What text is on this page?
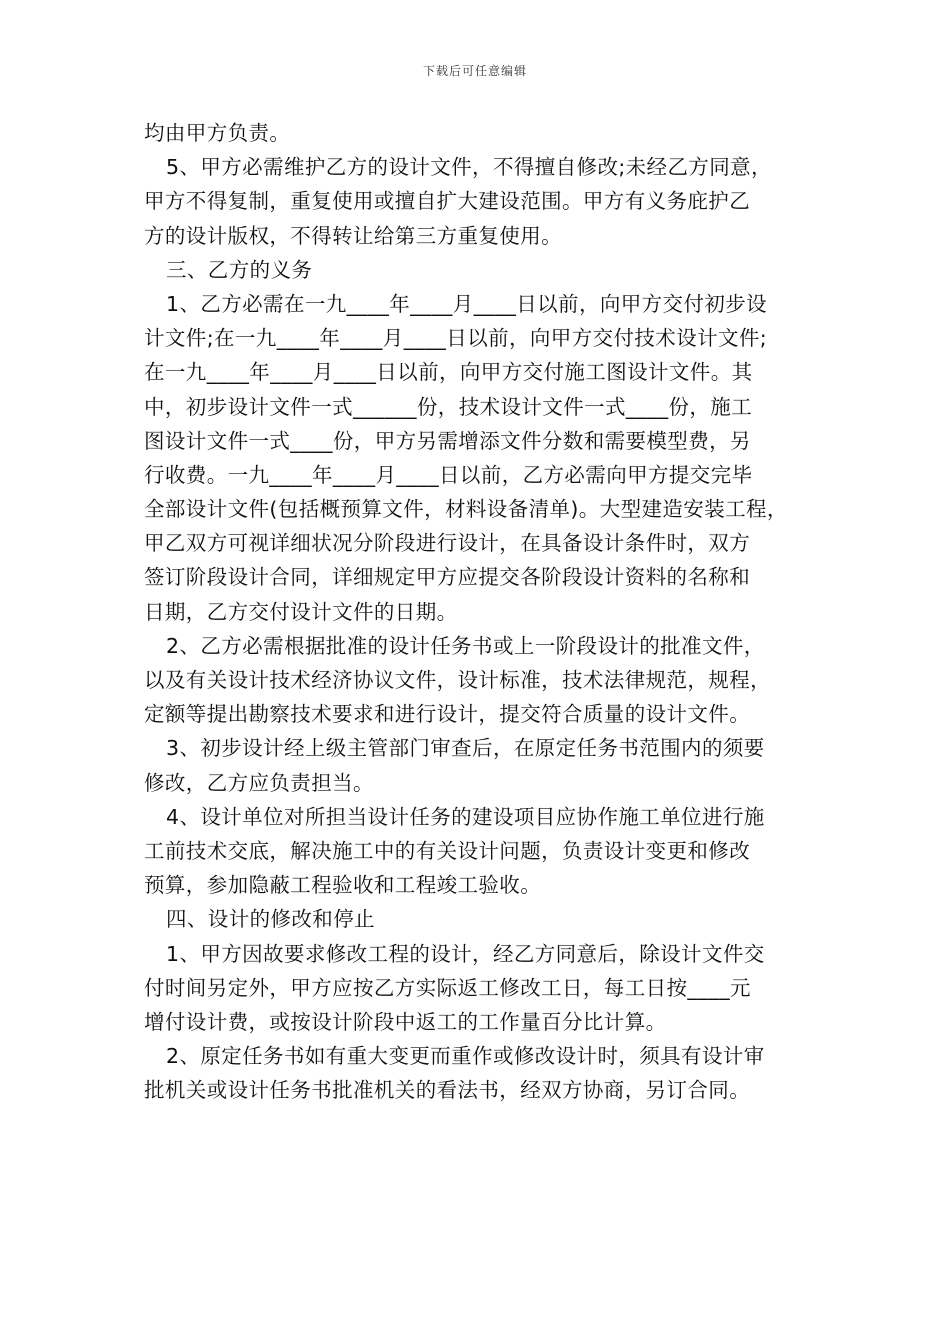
下载后可任意编辑
均由甲方负责。
5、甲方必需维护乙方的设计文件，不得擅自修改;未经乙方同意，
甲方不得复制，重复使用或擅自扩大建设范围。甲方有义务庇护乙
方的设计版权，不得转让给第三方重复使用。
三、乙方的义务
1、乙方必需在一九____年____月____日以前，向甲方交付初步设
计文件;在一九____年____月____日以前，向甲方交付技术设计文件;
在一九____年____月____日以前，向甲方交付施工图设计文件。其
中，初步设计文件一式______份，技术设计文件一式____份，施工
图设计文件一式____份，甲方另需增添文件分数和需要模型费，另
行收费。一九____年____月____日以前，乙方必需向甲方提交完毕
全部设计文件(包括概预算文件，材料设备清单)。大型建造安装工程，
甲乙双方可视详细状况分阶段进行设计，在具备设计条件时，双方
签订阶段设计合同，详细规定甲方应提交各阶段设计资料的名称和
日期，乙方交付设计文件的日期。
2、乙方必需根据批准的设计任务书或上一阶段设计的批准文件，
以及有关设计技术经济协议文件，设计标准，技术法律规范，规程，
定额等提出勘察技术要求和进行设计，提交符合质量的设计文件。
3、初步设计经上级主管部门审查后，在原定任务书范围内的须要
修改，乙方应负责担当。
4、设计单位对所担当设计任务的建设项目应协作施工单位进行施
工前技术交底，解决施工中的有关设计问题，负责设计变更和修改
预算，参加隐蔽工程验收和工程竣工验收。
四、设计的修改和停止
1、甲方因故要求修改工程的设计，经乙方同意后，除设计文件交
付时间另定外，甲方应按乙方实际返工修改工日，每工日按____元
增付设计费，或按设计阶段中返工的工作量百分比计算。
2、原定任务书如有重大变更而重作或修改设计时，须具有设计审
批机关或设计任务书批准机关的看法书，经双方协商，另订合同。
